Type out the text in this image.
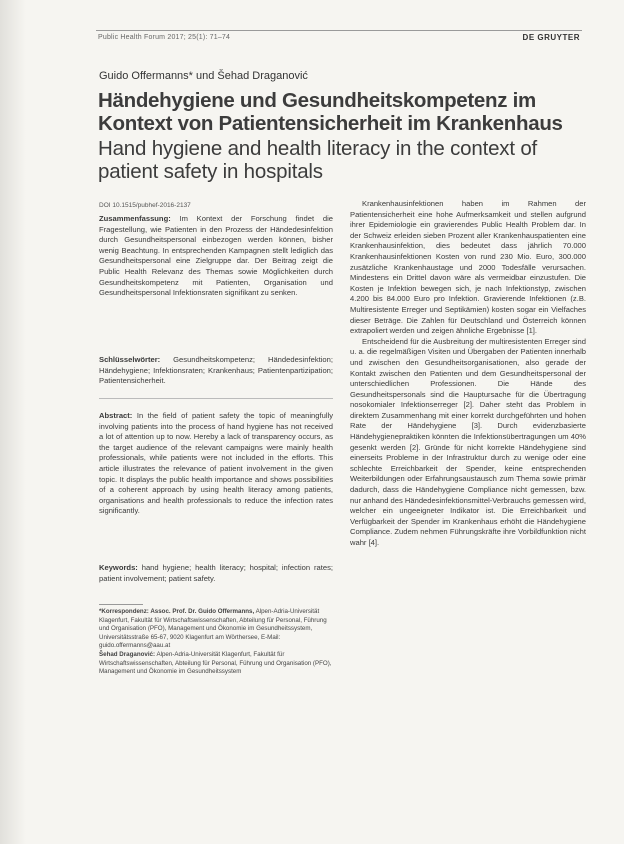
Public Health Forum 2017; 25(1): 71–74	DE GRUYTER
Guido Offermanns* und Šehad Draganović
Händehygiene und Gesundheitskompetenz im Kontext von Patientensicherheit im Krankenhaus
Hand hygiene and health literacy in the context of patient safety in hospitals
DOI 10.1515/pubhef-2016-2137
Zusammenfassung: Im Kontext der Forschung findet die Fragestellung, wie Patienten in den Prozess der Händedesinfektion durch Gesundheitspersonal einbezogen werden können, bisher wenig Beachtung. In entsprechenden Kampagnen stellt lediglich das Gesundheitspersonal eine Zielgruppe dar. Der Beitrag zeigt die Public Health Relevanz des Themas sowie Möglichkeiten durch Gesundheitskompetenz mit Patienten, Organisation und Gesundheitspersonal Infektionsraten signifikant zu senken.
Schlüsselwörter: Gesundheitskompetenz; Händedesinfektion; Händehygiene; Infektionsraten; Krankenhaus; Patientenpartizipation; Patientensicherheit.
Abstract: In the field of patient safety the topic of meaningfully involving patients into the process of hand hygiene has not received a lot of attention up to now. Hereby a lack of transparency occurs, as the target audience of the relevant campaigns were mainly health professionals, while patients were not included in the efforts. This article illustrates the relevance of patient involvement in the given topic. It displays the public health importance and shows possibilities of a coherent approach by using health literacy among patients, organisations and health professionals to reduce the infection rates significantly.
Keywords: hand hygiene; health literacy; hospital; infection rates; patient involvement; patient safety.
*Korrespondenz: Assoc. Prof. Dr. Guido Offermanns, Alpen-Adria-Universität Klagenfurt, Fakultät für Wirtschaftswissenschaften, Abteilung für Personal, Führung und Organisation (PFO), Management und Ökonomie im Gesundheitssystem, Universitätsstraße 65-67, 9020 Klagenfurt am Wörthersee, E-Mail: guido.offermanns@aau.at
Šehad Draganović: Alpen-Adria-Universität Klagenfurt, Fakultät für Wirtschaftswissenschaften, Abteilung für Personal, Führung und Organisation (PFO), Management und Ökonomie im Gesundheitssystem
Krankenhausinfektionen haben im Rahmen der Patientensicherheit eine hohe Aufmerksamkeit und stellen aufgrund ihrer Epidemiologie ein gravierendes Public Health Problem dar. In der Schweiz erleiden sieben Prozent aller Krankenhauspatienten eine Krankenhausinfektion, dies bedeutet dass jährlich 70.000 Krankenhausinfektionen Kosten von rund 230 Mio. Euro, 300.000 zusätzliche Krankenhaustage und 2000 Todesfälle verursachen. Mindestens ein Drittel davon wäre als vermeidbar einzustufen. Die Kosten je Infektion bewegen sich, je nach Infektionstyp, zwischen 4.200 bis 84.000 Euro pro Infektion. Gravierende Infektionen (z.B. Multiresistente Erreger und Septikämien) kosten sogar ein Vielfaches dieser Beträge. Die Zahlen für Deutschland und Österreich können extrapoliert werden und zeigen ähnliche Ergebnisse [1].
Entscheidend für die Ausbreitung der multiresistenten Erreger sind u. a. die regelmäßigen Visiten und Übergaben der Patienten innerhalb und zwischen den Gesundheitsorganisationen, also gerade der Kontakt zwischen den Patienten und dem Gesundheitspersonal der unterschiedlichen Professionen. Die Hände des Gesundheitspersonals sind die Hauptursache für die Übertragung nosokomialer Infektionserreger [2]. Daher steht das Problem in direktem Zusammenhang mit einer korrekt durchgeführten und hohen Rate der Händehygiene [3]. Durch evidenzbasierte Händehygienepraktiken könnten die Infektionsübertragungen um 40% gesenkt werden [2]. Gründe für nicht korrekte Händehygiene sind einerseits Probleme in der Infrastruktur durch zu wenige oder eine schlechte Erreichbarkeit der Spender, keine entsprechenden Weiterbildungen oder Erfahrungsaustausch zum Thema sowie primär dadurch, dass die Händehygiene Compliance nicht gemessen, bzw. nur anhand des Händedesinfektionsmittel-Verbrauchs gemessen wird, welcher ein ungeeigneter Indikator ist. Die Erreichbarkeit und Verfügbarkeit der Spender im Krankenhaus erhöht die Händehygiene Compliance. Zudem nehmen Führungskräfte ihre Vorbildfunktion nicht wahr [4].
